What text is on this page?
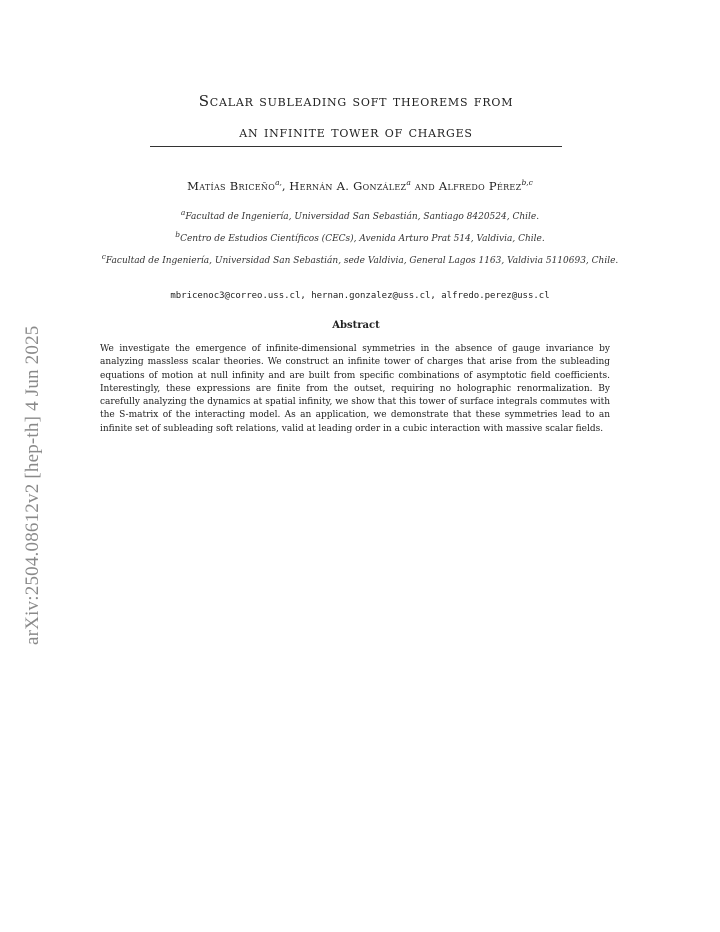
arXiv:2504.08612v2 [hep-th] 4 Jun 2025
Scalar subleading soft theorems from
an infinite tower of charges
Matías Briceño$^{a,}$, Hernán A. González$^a$ and Alfredo Pérez$^{b,c}$
$^a$Facultad de Ingeniería, Universidad San Sebastián, Santiago 8420524, Chile.
$^b$Centro de Estudios Científicos (CECs), Avenida Arturo Prat 514, Valdivia, Chile.
$^c$Facultad de Ingeniería, Universidad San Sebastián, sede Valdivia, General Lagos 1163, Valdivia 5110693, Chile.
mbricenoc3@correo.uss.cl, hernan.gonzalez@uss.cl, alfredo.perez@uss.cl
Abstract
We investigate the emergence of infinite-dimensional symmetries in the absence of gauge invariance by analyzing massless scalar theories. We construct an infinite tower of charges that arise from the subleading equations of motion at null infinity and are built from specific combinations of asymptotic field coefficients. Interestingly, these expressions are finite from the outset, requiring no holographic renormalization. By carefully analyzing the dynamics at spatial infinity, we show that this tower of surface integrals commutes with the S-matrix of the interacting model. As an application, we demonstrate that these symmetries lead to an infinite set of subleading soft relations, valid at leading order in a cubic interaction with massive scalar fields.
